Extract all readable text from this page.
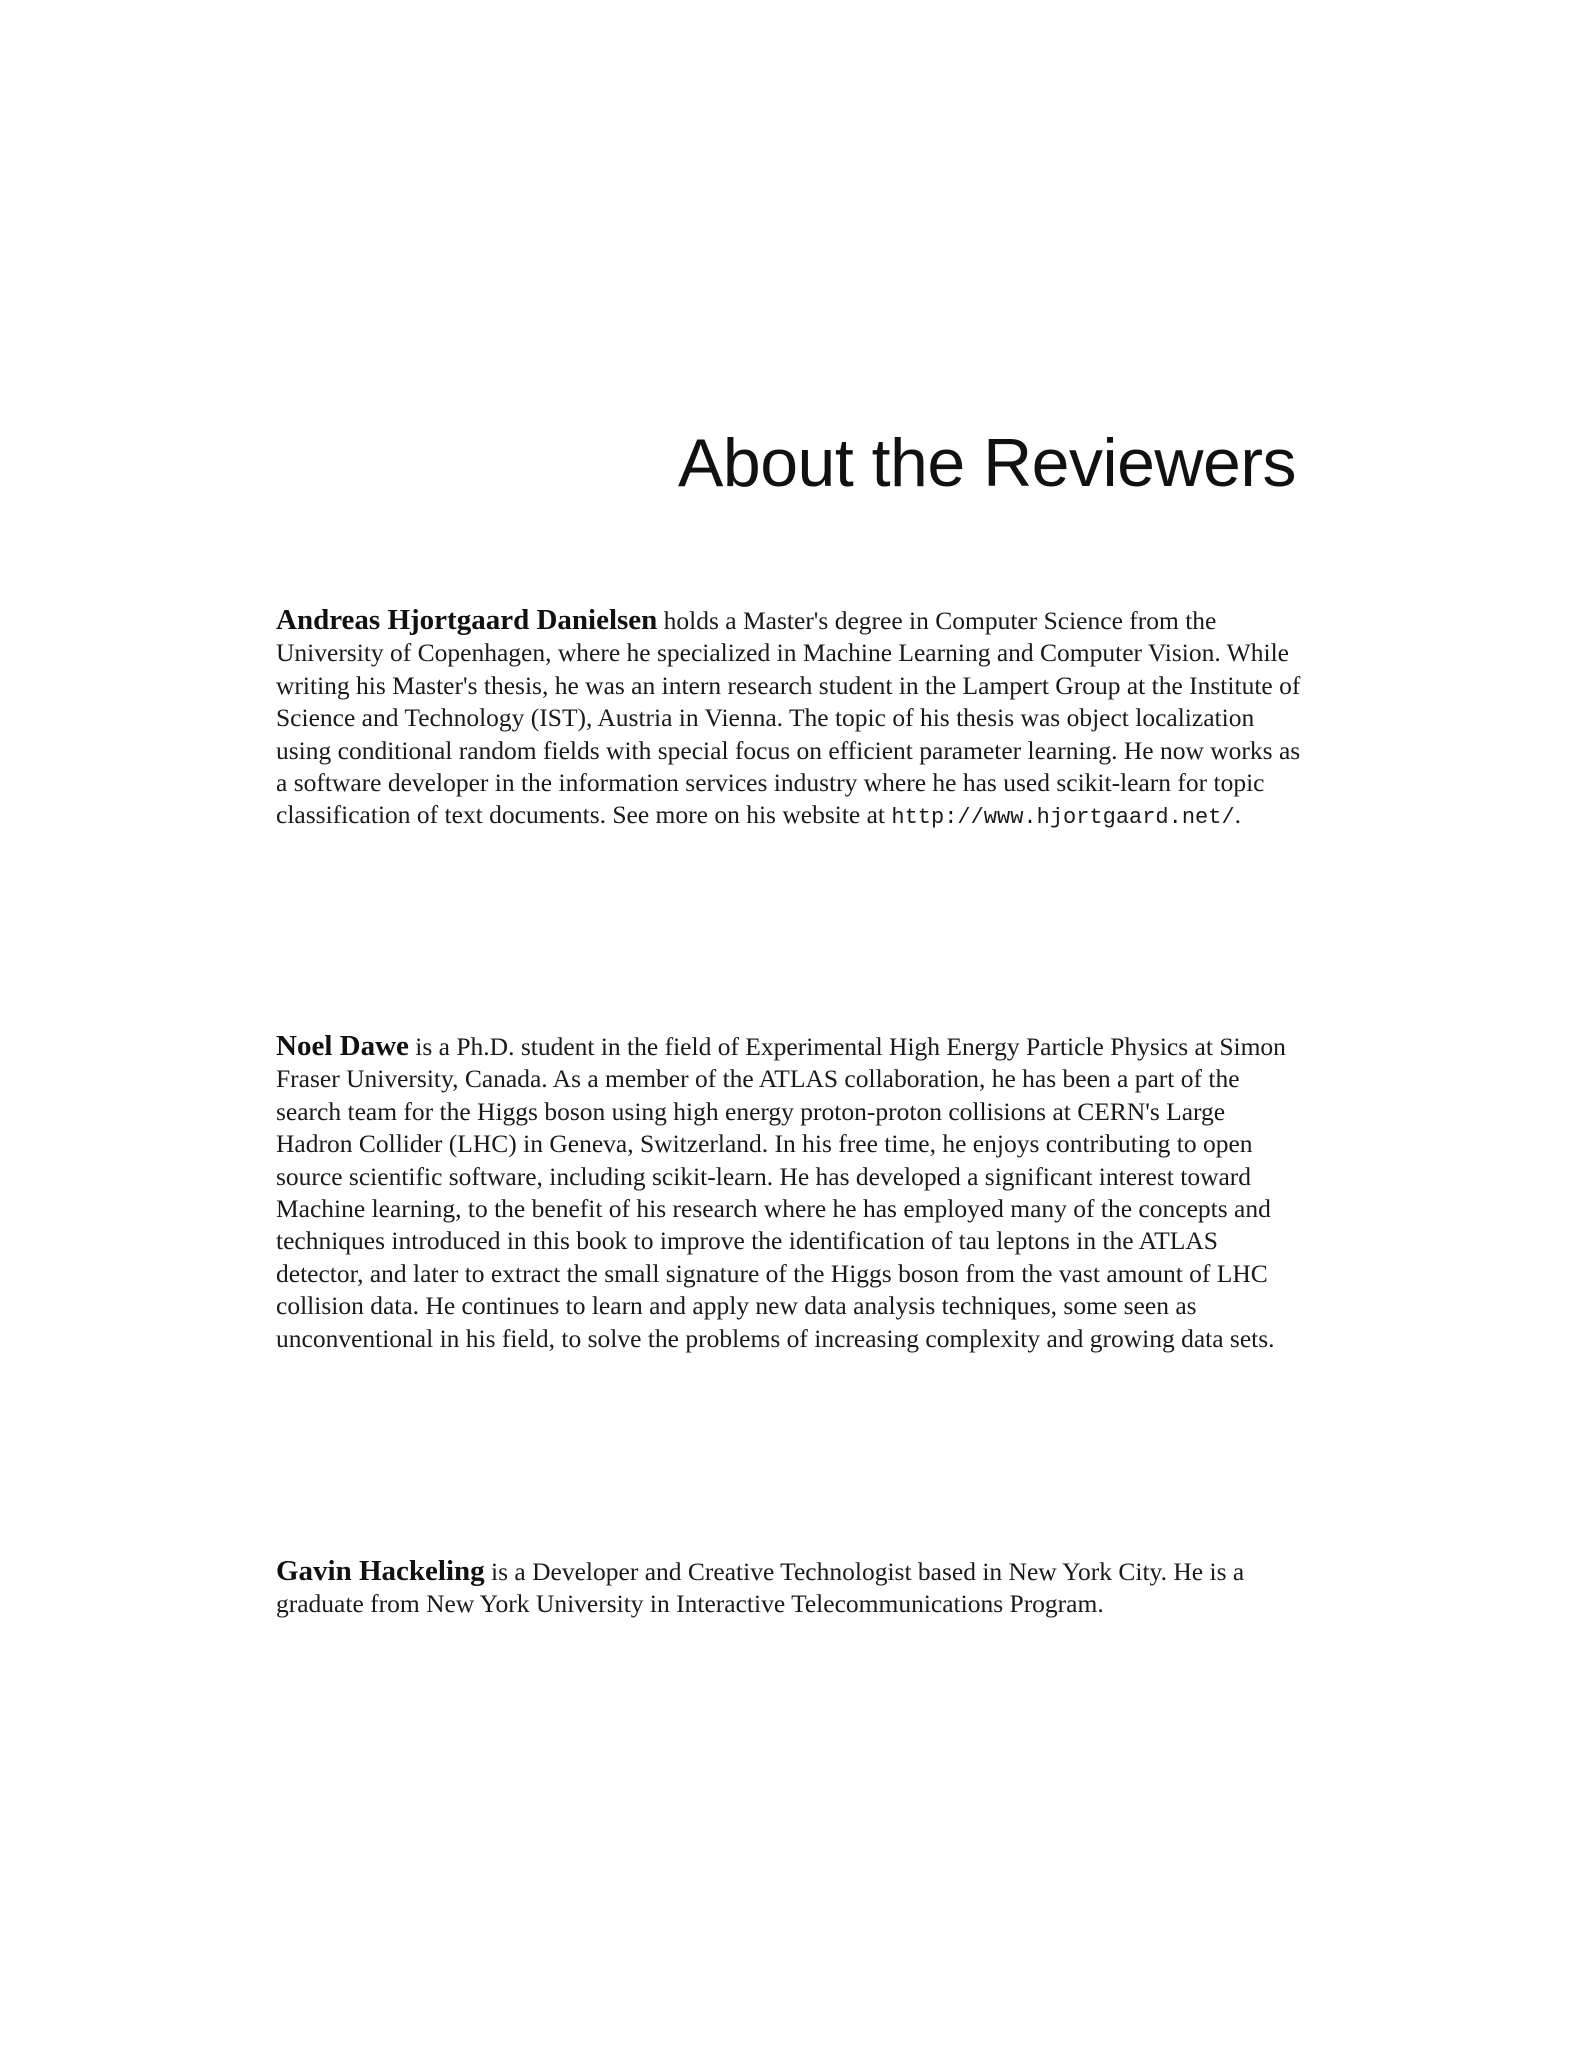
About the Reviewers

Andreas Hjortgaard Danielsen holds a Master's degree in Computer Science from the University of Copenhagen, where he specialized in Machine Learning and Computer Vision. While writing his Master's thesis, he was an intern research student in the Lampert Group at the Institute of Science and Technology (IST), Austria in Vienna. The topic of his thesis was object localization using conditional random fields with special focus on efficient parameter learning. He now works as a software developer in the information services industry where he has used scikit-learn for topic classification of text documents. See more on his website at http://www.hjortgaard.net/.

Noel Dawe is a Ph.D. student in the field of Experimental High Energy Particle Physics at Simon Fraser University, Canada. As a member of the ATLAS collaboration, he has been a part of the search team for the Higgs boson using high energy proton-proton collisions at CERN's Large Hadron Collider (LHC) in Geneva, Switzerland. In his free time, he enjoys contributing to open source scientific software, including scikit-learn. He has developed a significant interest toward Machine learning, to the benefit of his research where he has employed many of the concepts and techniques introduced in this book to improve the identification of tau leptons in the ATLAS detector, and later to extract the small signature of the Higgs boson from the vast amount of LHC collision data. He continues to learn and apply new data analysis techniques, some seen as unconventional in his field, to solve the problems of increasing complexity and growing data sets.

Gavin Hackeling is a Developer and Creative Technologist based in New York City. He is a graduate from New York University in Interactive Telecommunications Program.
